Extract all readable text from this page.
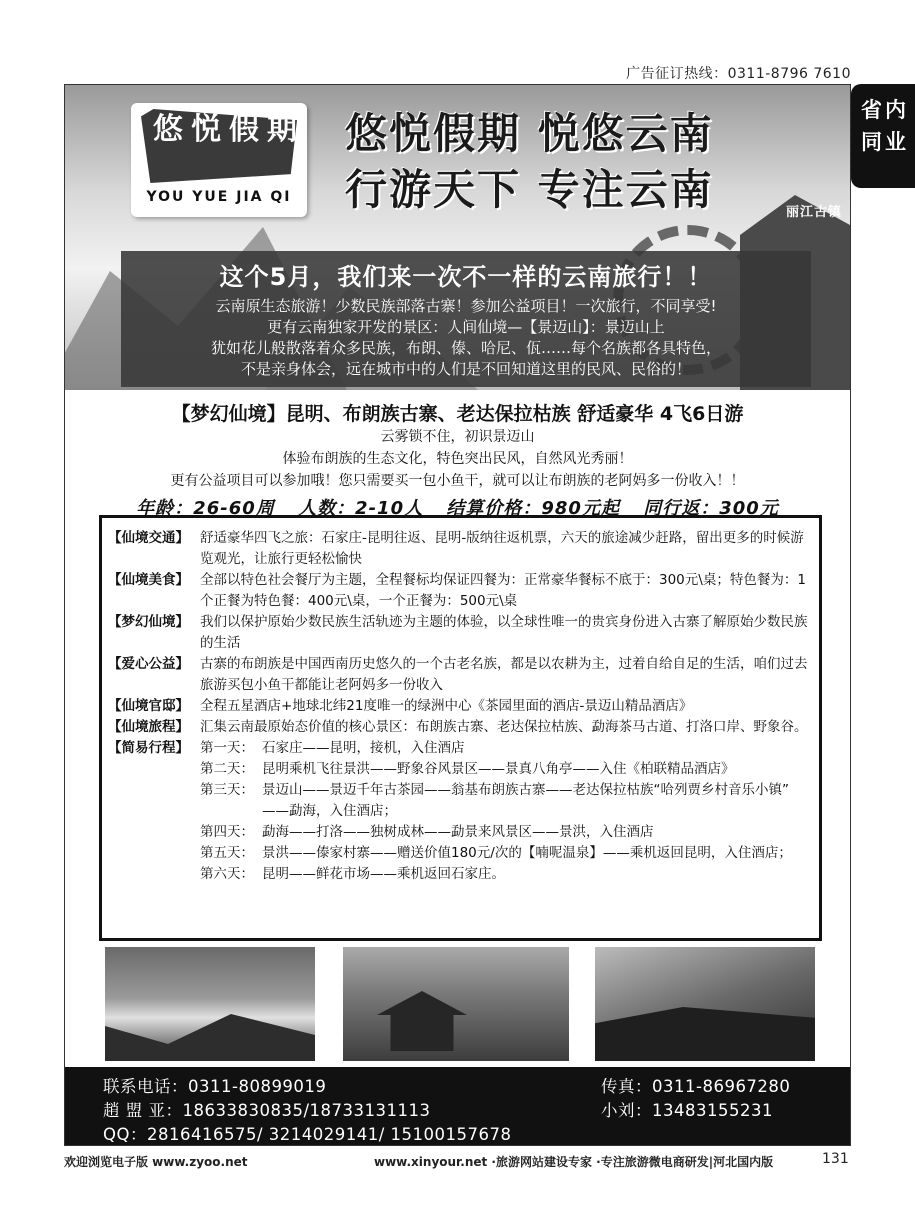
广告征订热线：0311-8796 7610
省内同业
丽江古镇
悠悦假期
YOU YUE JIA QI
悠悦假期 悦悠云南
行游天下 专注云南
这个5月，我们来一次不一样的云南旅行！！

云南原生态旅游！少数民族部落古寨！参加公益项目！一次旅行，不同享受!

更有云南独家开发的景区：人间仙境—【景迈山】：景迈山上

犹如花儿般散落着众多民族，布朗、傣、哈尼、佤……每个名族都各具特色，

不是亲身体会，远在城市中的人们是不回知道这里的民风、民俗的！

【梦幻仙境】昆明、布朗族古寨、老达保拉枯族 舒适豪华 4飞6日游
云雾锁不住，初识景迈山
体验布朗族的生态文化，特色突出民风，自然风光秀丽！
更有公益项目可以参加哦！您只需要买一包小鱼干，就可以让布朗族的老阿妈多一份收入！！
年龄：26-60周 人数：2-10人 结算价格：980元起 同行返：300元
【仙境交通】 舒适豪华四飞之旅：石家庄-昆明往返、昆明-版纳往返机票，六天的旅途减少赶路，留出更多的时候游览观光，让旅行更轻松愉快
【仙境美食】 全部以特色社会餐厅为主题，全程餐标均保证四餐为：正常豪华餐标不底于：300元\桌；特色餐为：1个正餐为特色餐：400元\桌，一个正餐为：500元\桌
【梦幻仙境】 我们以保护原始少数民族生活轨迹为主题的体验，以全球性唯一的贵宾身份进入古寨了解原始少数民族的生活
【爱心公益】 古寨的布朗族是中国西南历史悠久的一个古老名族，都是以农耕为主，过着自给自足的生活，咱们过去旅游买包小鱼干都能让老阿妈多一份收入
【仙境官邸】 全程五星酒店+地球北纬21度唯一的绿洲中心《茶园里面的酒店-景迈山精品酒店》
【仙境旅程】 汇集云南最原始态价值的核心景区：布朗族古寨、老达保拉枯族、勐海茶马古道、打洛口岸、野象谷。
【简易行程】 第一天： 石家庄——昆明，接机，入住酒店
第二天： 昆明乘机飞往景洪——野象谷风景区——景真八角亭——入住《柏联精品酒店》
第三天： 景迈山——景迈千年古茶园——翁基布朗族古寨——老达保拉枯族“哈列贾乡村音乐小镇” ——勐海，入住酒店；
第四天： 勐海——打洛——独树成林——勐景来风景区——景洪，入住酒店
第五天： 景洪——傣家村寨——赠送价值180元/次的【喃呢温泉】——乘机返回昆明，入住酒店；
第六天： 昆明——鲜花市场——乘机返回石家庄。
联系电话：0311-80899019
趙 盟 亚：18633830835/18733131113
QQ：2816416575/ 3214029141/ 15100157678
传真：0311-86967280
小刘：13483155231
欢迎浏览电子版 www.zyoo.net	www.xinyour.net ·旅游网站建设专家 ·专注旅游微电商研发|河北国内版	131
